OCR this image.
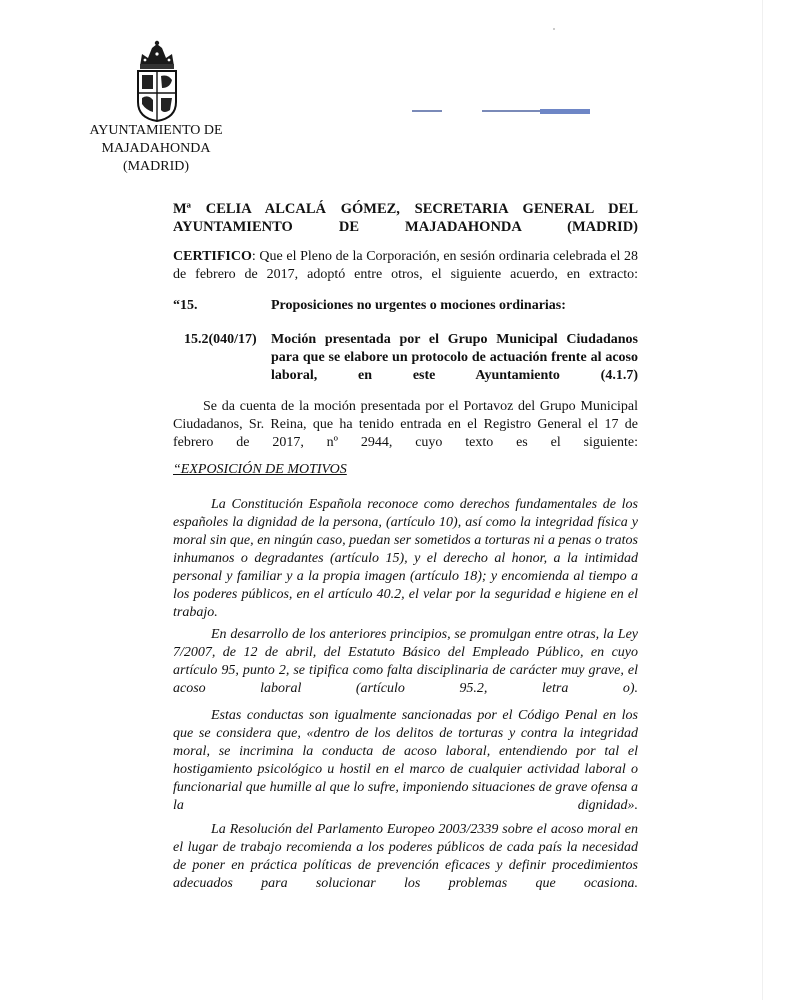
AYUNTAMIENTO DE
MAJADAHONDA
(MADRID)
Mª CELIA ALCALÁ GÓMEZ, SECRETARIA GENERAL DEL AYUNTAMIENTO DE MAJADAHONDA (MADRID)
CERTIFICO: Que el Pleno de la Corporación, en sesión ordinaria celebrada el 28 de febrero de 2017, adoptó entre otros, el siguiente acuerdo, en extracto:
“15.	Proposiciones no urgentes o mociones ordinarias:
15.2(040/17) Moción presentada por el Grupo Municipal Ciudadanos para que se elabore un protocolo de actuación frente al acoso laboral, en este Ayuntamiento (4.1.7)
Se da cuenta de la moción presentada por el Portavoz del Grupo Municipal Ciudadanos, Sr. Reina, que ha tenido entrada en el Registro General el 17 de febrero de 2017, nº 2944, cuyo texto es el siguiente:
“EXPOSICIÓN DE MOTIVOS
La Constitución Española reconoce como derechos fundamentales de los españoles la dignidad de la persona, (artículo 10), así como la integridad física y moral sin que, en ningún caso, puedan ser sometidos a torturas ni a penas o tratos inhumanos o degradantes (artículo 15), y el derecho al honor, a la intimidad personal y familiar y a la propia imagen (artículo 18); y encomienda al tiempo a los poderes públicos, en el artículo 40.2, el velar por la seguridad e higiene en el trabajo.
En desarrollo de los anteriores principios, se promulgan entre otras, la Ley 7/2007, de 12 de abril, del Estatuto Básico del Empleado Público, en cuyo artículo 95, punto 2, se tipifica como falta disciplinaria de carácter muy grave, el acoso laboral (artículo 95.2, letra o).
Estas conductas son igualmente sancionadas por el Código Penal en los que se considera que, «dentro de los delitos de torturas y contra la integridad moral, se incrimina la conducta de acoso laboral, entendiendo por tal el hostigamiento psicológico u hostil en el marco de cualquier actividad laboral o funcionarial que humille al que lo sufre, imponiendo situaciones de grave ofensa a la dignidad».
La Resolución del Parlamento Europeo 2003/2339 sobre el acoso moral en el lugar de trabajo recomienda a los poderes públicos de cada país la necesidad de poner en práctica políticas de prevención eficaces y definir procedimientos adecuados para solucionar los problemas que ocasiona.
